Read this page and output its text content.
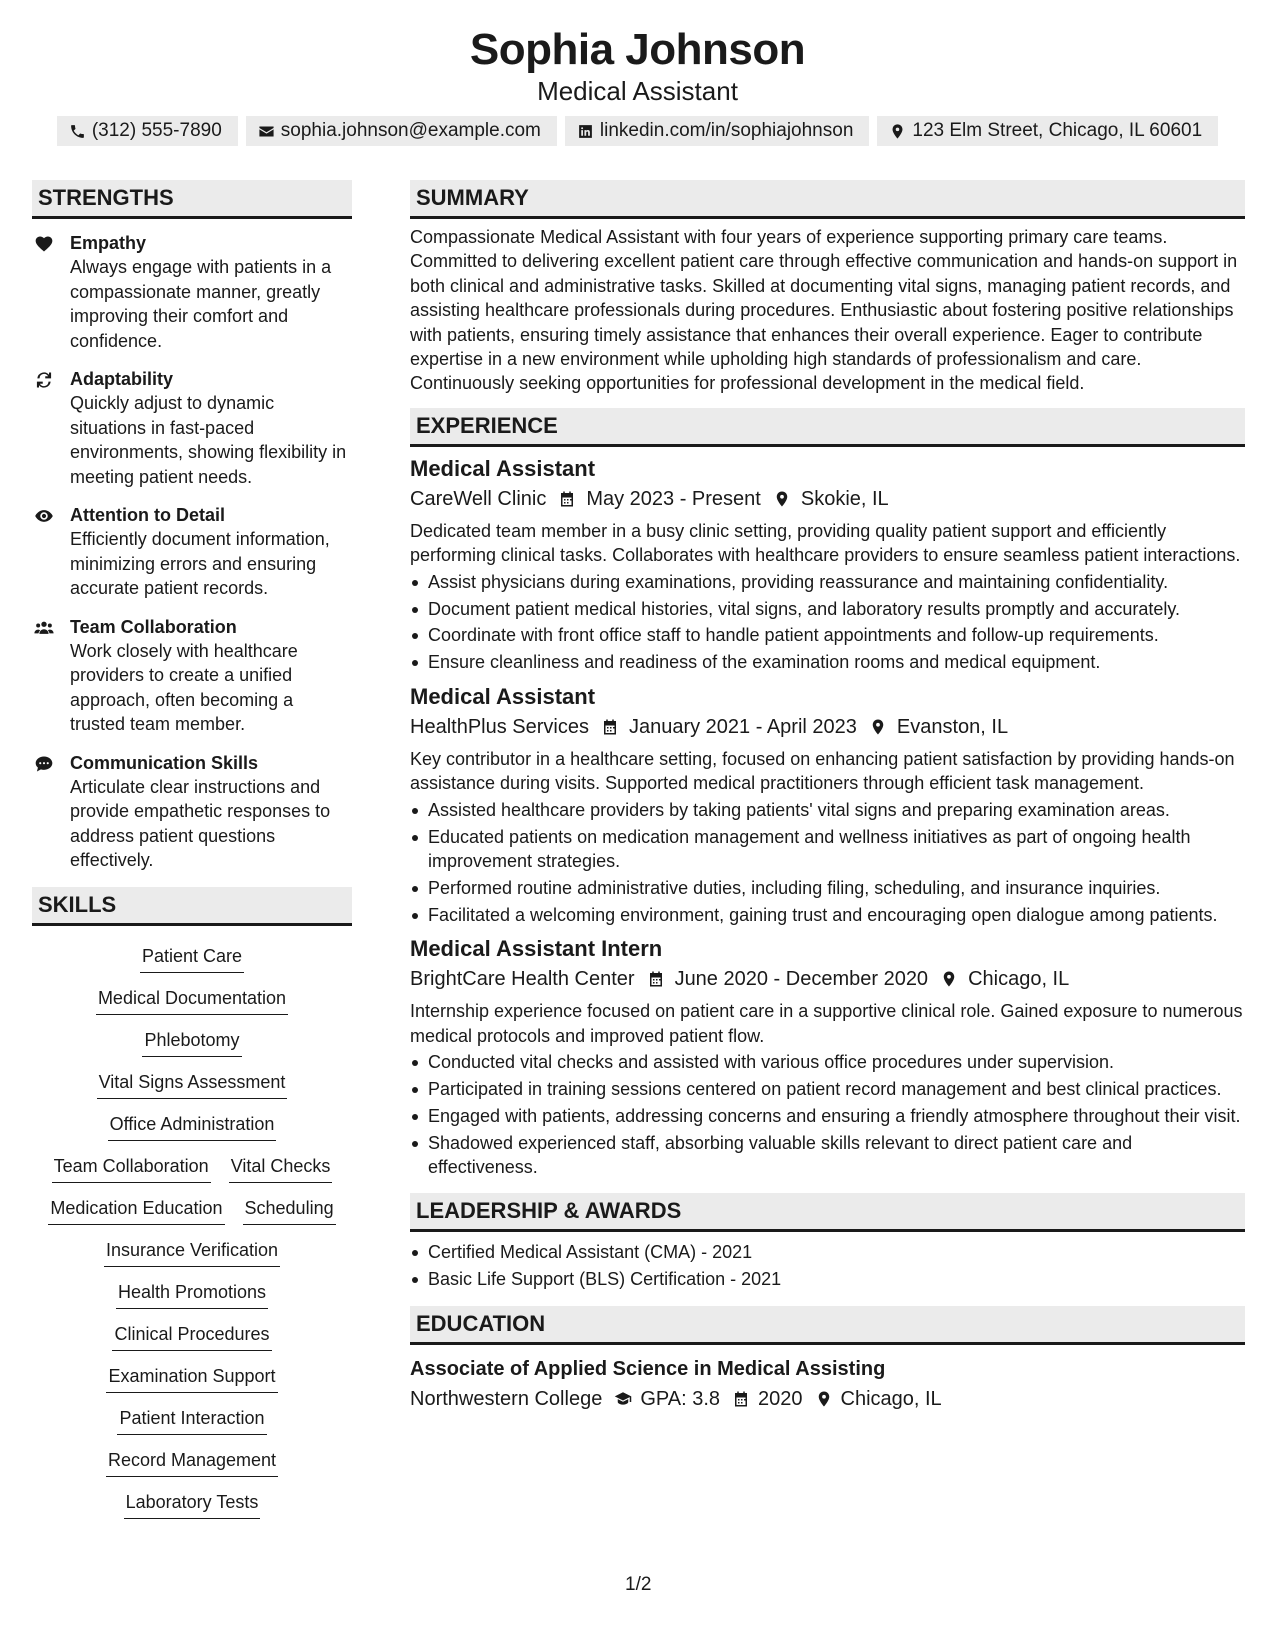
Sophia Johnson
Medical Assistant
(312) 555-7890	sophia.johnson@example.com	linkedin.com/in/sophiajohnson	123 Elm Street, Chicago, IL 60601
STRENGTHS
Empathy
Always engage with patients in a compassionate manner, greatly improving their comfort and confidence.
Adaptability
Quickly adjust to dynamic situations in fast-paced environments, showing flexibility in meeting patient needs.
Attention to Detail
Efficiently document information, minimizing errors and ensuring accurate patient records.
Team Collaboration
Work closely with healthcare providers to create a unified approach, often becoming a trusted team member.
Communication Skills
Articulate clear instructions and provide empathetic responses to address patient questions effectively.
SKILLS
Patient Care
Medical Documentation
Phlebotomy
Vital Signs Assessment
Office Administration
Team Collaboration Vital Checks
Medication Education Scheduling
Insurance Verification
Health Promotions
Clinical Procedures
Examination Support
Patient Interaction
Record Management
Laboratory Tests
SUMMARY
Compassionate Medical Assistant with four years of experience supporting primary care teams. Committed to delivering excellent patient care through effective communication and hands-on support in both clinical and administrative tasks. Skilled at documenting vital signs, managing patient records, and assisting healthcare professionals during procedures. Enthusiastic about fostering positive relationships with patients, ensuring timely assistance that enhances their overall experience. Eager to contribute expertise in a new environment while upholding high standards of professionalism and care. Continuously seeking opportunities for professional development in the medical field.
EXPERIENCE
Medical Assistant
CareWell Clinic May 2023 - Present Skokie, IL
Dedicated team member in a busy clinic setting, providing quality patient support and efficiently performing clinical tasks. Collaborates with healthcare providers to ensure seamless patient interactions.
Assist physicians during examinations, providing reassurance and maintaining confidentiality.
Document patient medical histories, vital signs, and laboratory results promptly and accurately.
Coordinate with front office staff to handle patient appointments and follow-up requirements.
Ensure cleanliness and readiness of the examination rooms and medical equipment.
Medical Assistant
HealthPlus Services January 2021 - April 2023 Evanston, IL
Key contributor in a healthcare setting, focused on enhancing patient satisfaction by providing hands-on assistance during visits. Supported medical practitioners through efficient task management.
Assisted healthcare providers by taking patients' vital signs and preparing examination areas.
Educated patients on medication management and wellness initiatives as part of ongoing health improvement strategies.
Performed routine administrative duties, including filing, scheduling, and insurance inquiries.
Facilitated a welcoming environment, gaining trust and encouraging open dialogue among patients.
Medical Assistant Intern
BrightCare Health Center June 2020 - December 2020 Chicago, IL
Internship experience focused on patient care in a supportive clinical role. Gained exposure to numerous medical protocols and improved patient flow.
Conducted vital checks and assisted with various office procedures under supervision.
Participated in training sessions centered on patient record management and best clinical practices.
Engaged with patients, addressing concerns and ensuring a friendly atmosphere throughout their visit.
Shadowed experienced staff, absorbing valuable skills relevant to direct patient care and effectiveness.
LEADERSHIP & AWARDS
Certified Medical Assistant (CMA) - 2021
Basic Life Support (BLS) Certification - 2021
EDUCATION
Associate of Applied Science in Medical Assisting
Northwestern College GPA: 3.8 2020 Chicago, IL
1/2
